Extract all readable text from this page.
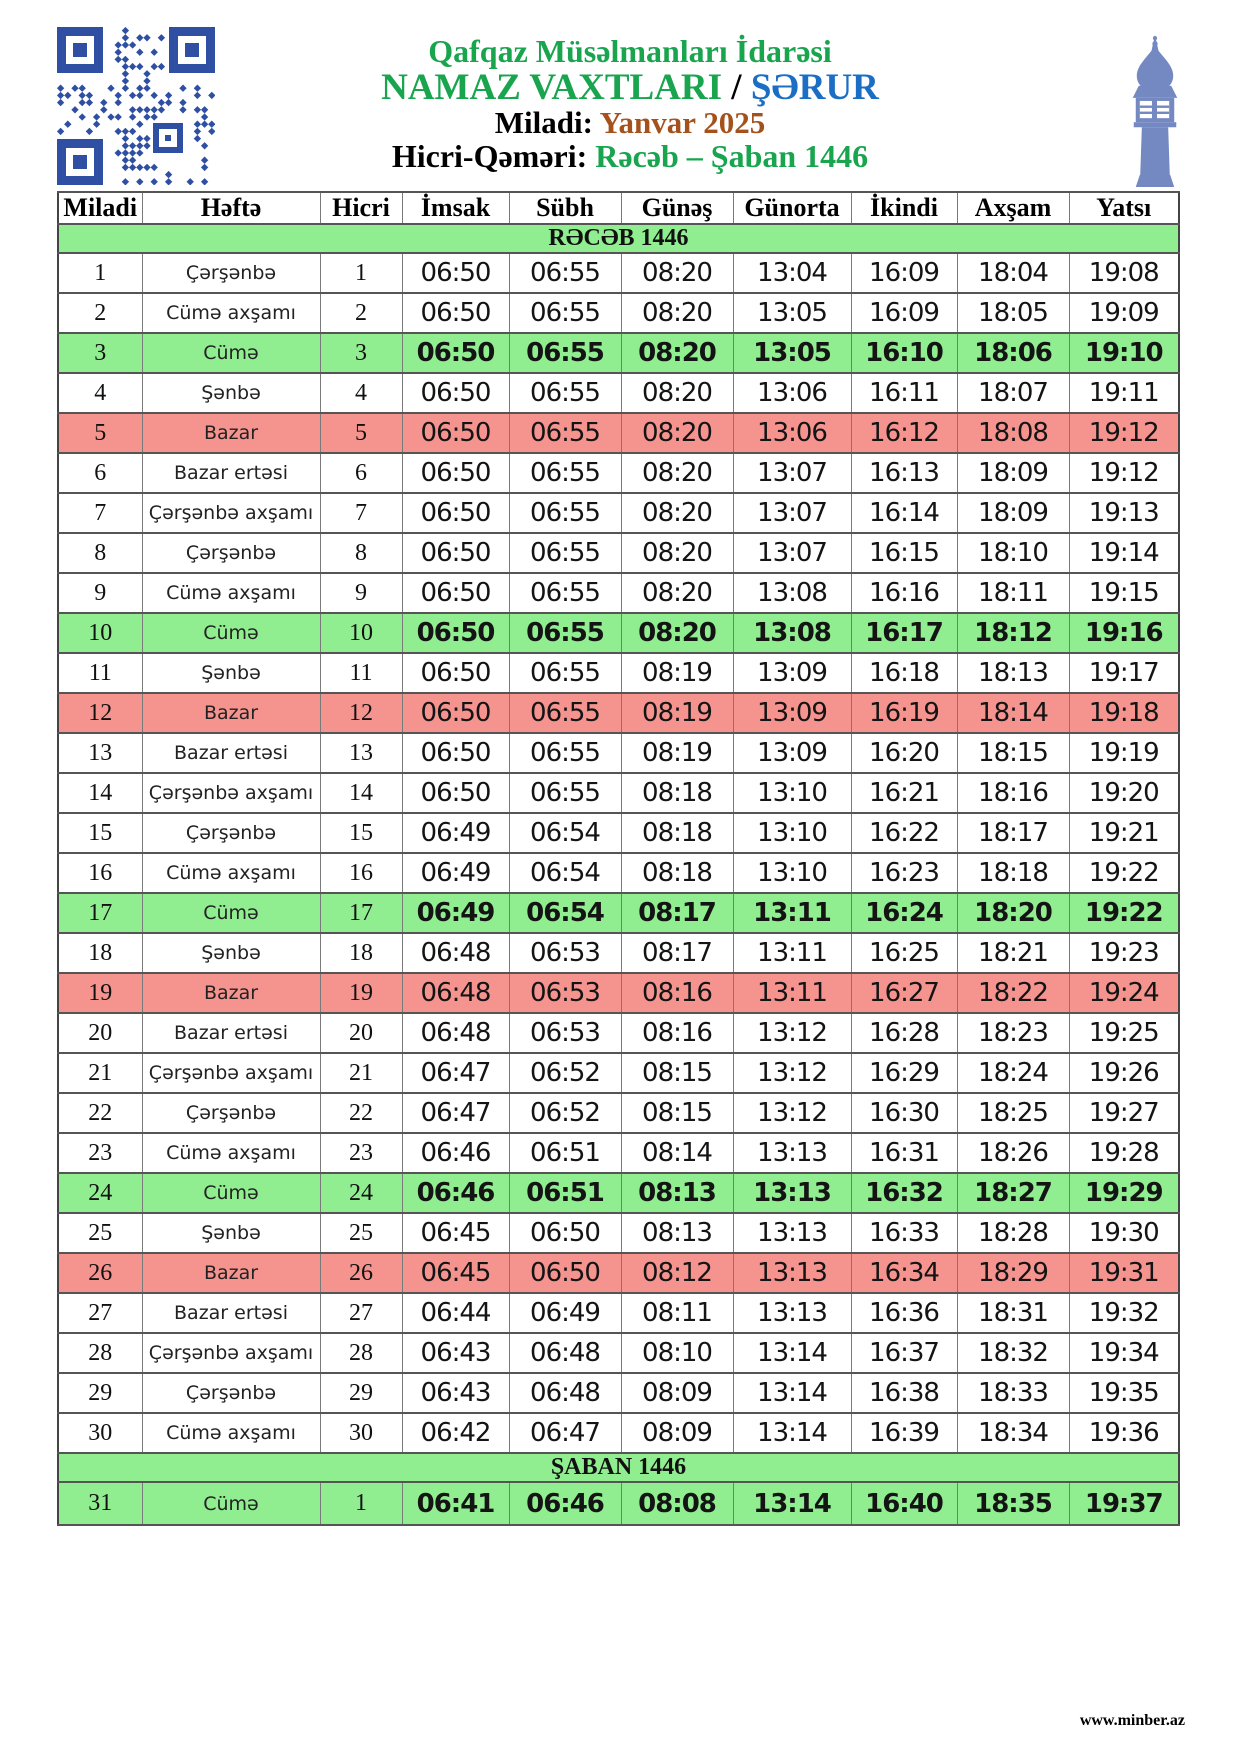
Qafqaz Müsəlmanları İdarəsi
NAMAZ VAXTLARI / ŞƏRUR
Miladi: Yanvar 2025
Hicri-Qəməri: Rəcəb – Şaban 1446
Miladi	Həftə	Hicri	İmsak	Sübh	Günəş	Günorta	İkindi	Axşam	Yatsı
RƏCƏB 1446									
1	Çərşənbə	1	06:50	06:55	08:20	13:04	16:09	18:04	19:08
2	Cümə axşamı	2	06:50	06:55	08:20	13:05	16:09	18:05	19:09
3	Cümə	3	06:50	06:55	08:20	13:05	16:10	18:06	19:10
4	Şənbə	4	06:50	06:55	08:20	13:06	16:11	18:07	19:11
5	Bazar	5	06:50	06:55	08:20	13:06	16:12	18:08	19:12
6	Bazar ertəsi	6	06:50	06:55	08:20	13:07	16:13	18:09	19:12
7	Çərşənbə axşamı	7	06:50	06:55	08:20	13:07	16:14	18:09	19:13
8	Çərşənbə	8	06:50	06:55	08:20	13:07	16:15	18:10	19:14
9	Cümə axşamı	9	06:50	06:55	08:20	13:08	16:16	18:11	19:15
10	Cümə	10	06:50	06:55	08:20	13:08	16:17	18:12	19:16
11	Şənbə	11	06:50	06:55	08:19	13:09	16:18	18:13	19:17
12	Bazar	12	06:50	06:55	08:19	13:09	16:19	18:14	19:18
13	Bazar ertəsi	13	06:50	06:55	08:19	13:09	16:20	18:15	19:19
14	Çərşənbə axşamı	14	06:50	06:55	08:18	13:10	16:21	18:16	19:20
15	Çərşənbə	15	06:49	06:54	08:18	13:10	16:22	18:17	19:21
16	Cümə axşamı	16	06:49	06:54	08:18	13:10	16:23	18:18	19:22
17	Cümə	17	06:49	06:54	08:17	13:11	16:24	18:20	19:22
18	Şənbə	18	06:48	06:53	08:17	13:11	16:25	18:21	19:23
19	Bazar	19	06:48	06:53	08:16	13:11	16:27	18:22	19:24
20	Bazar ertəsi	20	06:48	06:53	08:16	13:12	16:28	18:23	19:25
21	Çərşənbə axşamı	21	06:47	06:52	08:15	13:12	16:29	18:24	19:26
22	Çərşənbə	22	06:47	06:52	08:15	13:12	16:30	18:25	19:27
23	Cümə axşamı	23	06:46	06:51	08:14	13:13	16:31	18:26	19:28
24	Cümə	24	06:46	06:51	08:13	13:13	16:32	18:27	19:29
25	Şənbə	25	06:45	06:50	08:13	13:13	16:33	18:28	19:30
26	Bazar	26	06:45	06:50	08:12	13:13	16:34	18:29	19:31
27	Bazar ertəsi	27	06:44	06:49	08:11	13:13	16:36	18:31	19:32
28	Çərşənbə axşamı	28	06:43	06:48	08:10	13:14	16:37	18:32	19:34
29	Çərşənbə	29	06:43	06:48	08:09	13:14	16:38	18:33	19:35
30	Cümə axşamı	30	06:42	06:47	08:09	13:14	16:39	18:34	19:36
ŞABAN 1446									
31	Cümə	1	06:41	06:46	08:08	13:14	16:40	18:35	19:37
www.minber.az
